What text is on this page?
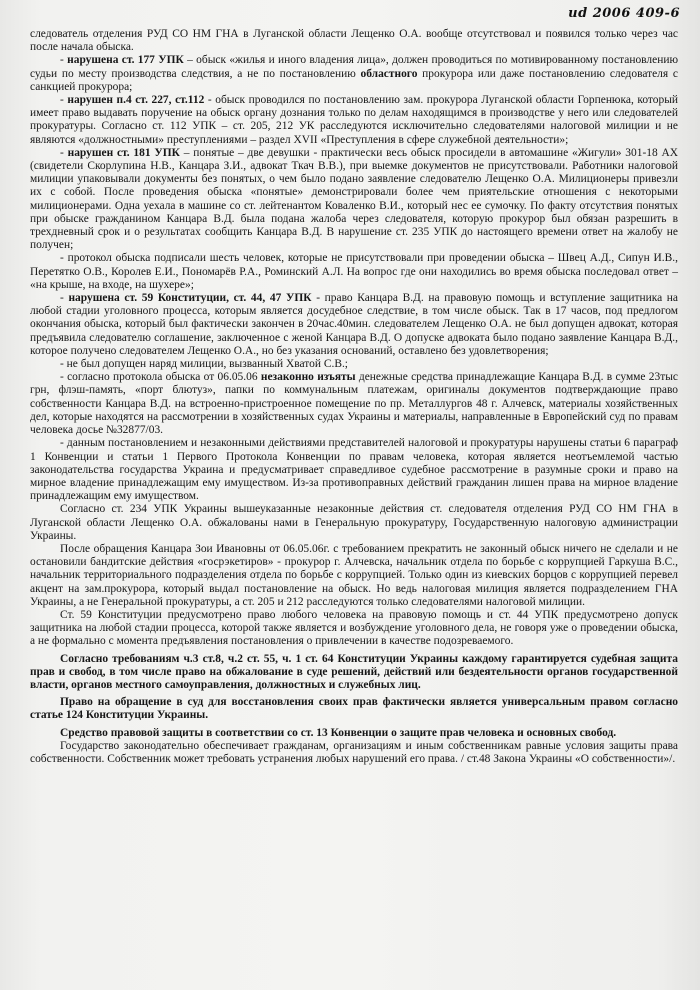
ud 2006 409-6

следователь отделения РУД СО НМ ГНА в Луганской области Лещенко О.А. вообще отсутствовал и появился только через час после начала обыска.

- нарушена ст. 177 УПК – обыск «жилья и иного владения лица», должен проводиться по мотивированному постановлению судьи по месту производства следствия, а не по постановлению областного прокурора или даже постановлению следователя с санкцией прокурора;

- нарушен п.4 ст. 227, ст.112 - обыск проводился по постановлению зам. прокурора Луганской области Горпенюка, который имеет право выдавать поручение на обыск органу дознания только по делам находящимся в производстве у него или следователей прокуратуры. Согласно ст. 112 УПК – ст. 205, 212 УК расследуются исключительно следователями налоговой милиции и не являются «должностными» преступлениями – раздел XVII «Преступления в сфере служебной деятельности»;

- нарушен ст. 181 УПК – понятые – две девушки - практически весь обыск просидели в автомашине «Жигули» 301-18 АХ (свидетели Скорлупина Н.В., Канцара З.И., адвокат Ткач В.В.), при выемке документов не присутствовали. Работники налоговой милиции упаковывали документы без понятых, о чем было подано заявление следователю Лещенко О.А. Милиционеры привезли их с собой. После проведения обыска «понятые» демонстрировали более чем приятельские отношения с некоторыми милиционерами. Одна уехала в машине со ст. лейтенантом Коваленко В.И., который нес ее сумочку. По факту отсутствия понятых при обыске гражданином Канцара В.Д. была подана жалоба через следователя, которую прокурор был обязан разрешить в трехдневный срок и о результатах сообщить Канцара В.Д. В нарушение ст. 235 УПК до настоящего времени ответ на жалобу не получен;

- протокол обыска подписали шесть человек, которые не присутствовали при проведении обыска – Швец А.Д., Сипун И.В., Перетятко О.В., Королев Е.И., Пономарёв Р.А., Роминский А.Л. На вопрос где они находились во время обыска последовал ответ – «на крыше, на входе, на шухере»;

- нарушена ст. 59 Конституции, ст. 44, 47 УПК - право Канцара В.Д. на правовую помощь и вступление защитника на любой стадии уголовного процесса, которым является досудебное следствие, в том числе обыск. Так в 17 часов, под предлогом окончания обыска, который был фактически закончен в 20час.40мин. следователем Лещенко О.А. не был допущен адвокат, которая предъявила следователю соглашение, заключенное с женой Канцара В.Д. О допуске адвоката было подано заявление Канцара В.Д., которое получено следователем Лещенко О.А., но без указания оснований, оставлено без удовлетворения;

- не был допущен наряд милиции, вызванный Хватой С.В.;

- согласно протокола обыска от 06.05.06 незаконно изъяты денежные средства принадлежащие Канцара В.Д. в сумме 23тыс грн, флэш-память, «порт блютуз», папки по коммунальным платежам, оригиналы документов подтверждающие право собственности Канцара В.Д. на встроенно-пристроенное помещение по пр. Металлургов 48 г. Алчевск, материалы хозяйственных дел, которые находятся на рассмотрении в хозяйственных судах Украины и материалы, направленные в Европейский суд по правам человека досье №32877/03.

- данным постановлением и незаконными действиями представителей налоговой и прокуратуры нарушены статьи 6 параграф 1 Конвенции и статьи 1 Первого Протокола Конвенции по правам человека, которая является неотъемлемой частью законодательства государства Украина и предусматривает справедливое судебное рассмотрение в разумные сроки и право на мирное владение принадлежащим ему имуществом. Из-за противоправных действий гражданин лишен права на мирное владение принадлежащим ему имуществом.

Согласно ст. 234 УПК Украины вышеуказанные незаконные действия ст. следователя отделения РУД СО НМ ГНА в Луганской области Лещенко О.А. обжалованы нами в Генеральную прокуратуру, Государственную налоговую администрации Украины.

После обращения Канцара Зои Ивановны от 06.05.06г. с требованием прекратить не законный обыск ничего не сделали и не остановили бандитские действия «госрэкетиров» - прокурор г. Алчевска, начальник отдела по борьбе с коррупцией Гаркуша В.С., начальник территориального подразделения отдела по борьбе с коррупцией. Только один из киевских борцов с коррупцией перевел акцент на зам.прокурора, который выдал постановление на обыск. Но ведь налоговая милиция является подразделением ГНА Украины, а не Генеральной прокуратуры, а ст. 205 и 212 расследуются только следователями налоговой милиции.

Ст. 59 Конституции предусмотрено право любого человека на правовую помощь и ст. 44 УПК предусмотрено допуск защитника на любой стадии процесса, которой также является и возбуждение уголовного дела, не говоря уже о проведении обыска, а не формально с момента предъявления постановления о привлечении в качестве подозреваемого.

Согласно требованиям ч.3 ст.8, ч.2 ст. 55, ч. 1 ст. 64 Конституции Украины каждому гарантируется судебная защита прав и свобод, в том числе право на обжалование в суде решений, действий или бездеятельности органов государственной власти, органов местного самоуправления, должностных и служебных лиц.

Право на обращение в суд для восстановления своих прав фактически является универсальным правом согласно статье 124 Конституции Украины.

Средство правовой защиты в соответствии со ст. 13 Конвенции о защите прав человека и основных свобод.

Государство законодательно обеспечивает гражданам, организациям и иным собственникам равные условия защиты права собственности. Собственник может требовать устранения любых нарушений его права. / ст.48 Закона Украины «О собственности»/.
